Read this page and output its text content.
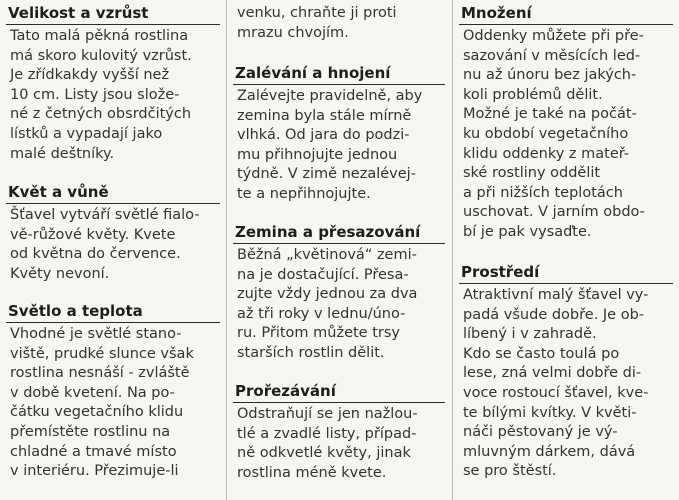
Velikost a vzrůst
Tato malá pěkná rostlina
má skoro kulovitý vzrůst.
Je zřídkakdy vyšší než
10 cm. Listy jsou slože-
né z četných obsrdčitých
lístků a vypadají jako
malé deštníky.
Květ a vůně
Šťavel vytváří světlé fialo-
vě-růžové květy. Kvete
od května do července.
Květy nevoní.
Světlo a teplota
Vhodné je světlé stano-
viště, prudké slunce však
rostlina nesnáší - zvláště
v době kvetení. Na po-
čátku vegetačního klidu
přemístěte rostlinu na
chladné a tmavé místo
v interiéru. Přezimuje-li
venku, chraňte ji proti
mrazu chvojím.
Zalévání a hnojení
Zalévejte pravidelně, aby
zemina byla stále mírně
vlhká. Od jara do podzi-
mu přihnojujte jednou
týdně. V zimě nezalévej-
te a nepřihnojujte.
Zemina a přesazování
Běžná „květinová“ zemi-
na je dostačující. Přesa-
zujte vždy jednou za dva
až tři roky v lednu/úno-
ru. Přitom můžete trsy
starších rostlin dělit.
Prořezávání
Odstraňují se jen nažlou-
tlé a zvadlé listy, případ-
ně odkvetlé květy, jinak
rostlina méně kvete.
Množení
Oddenky můžete při pře-
sazování v měsících led-
nu až únoru bez jakých-
koli problémů dělit.
Možné je také na počát-
ku období vegetačního
klidu oddenky z mateř-
ské rostliny oddělit
a při nižších teplotách
uschovat. V jarním obdo-
bí je pak vysaďte.
Prostředí
Atraktivní malý šťavel vy-
padá všude dobře. Je ob-
líbený i v zahradě.
Kdo se často toulá po
lese, zná velmi dobře di-
voce rostoucí šťavel, kve-
te bílými kvítky. V květi-
náči pěstovaný je vý-
mluvným dárkem, dává
se pro štěstí.
